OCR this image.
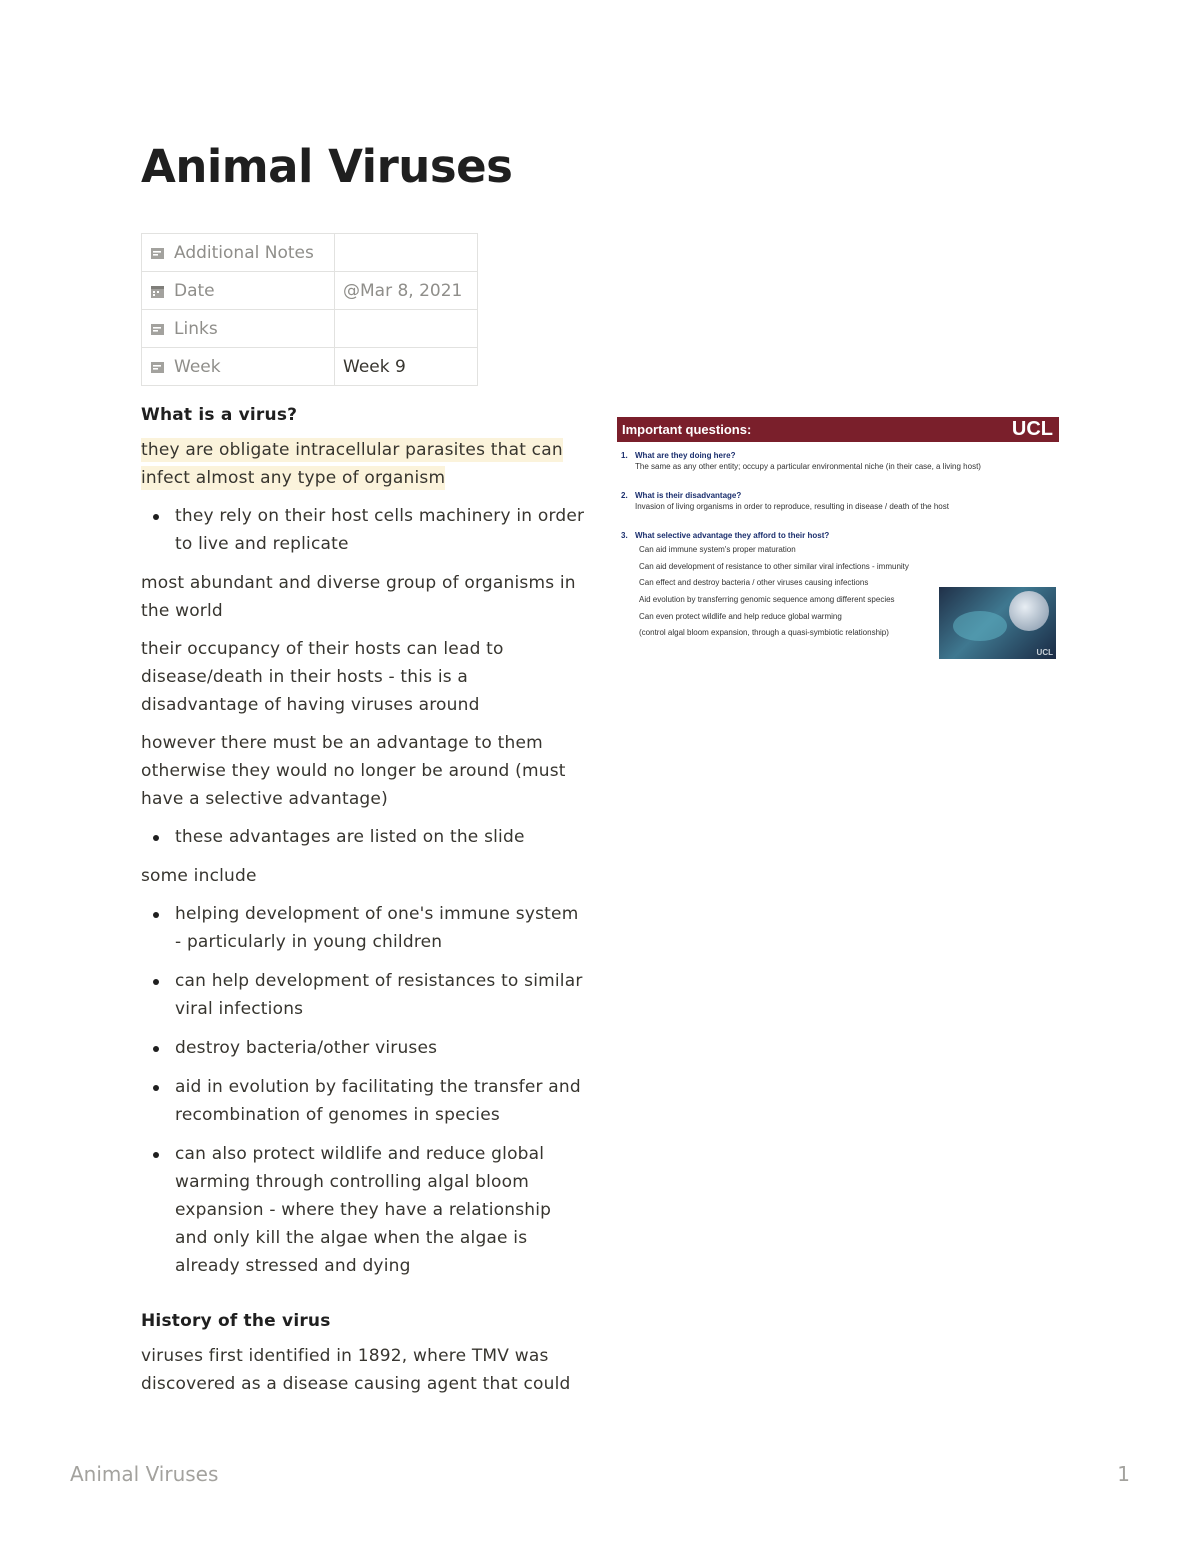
Animal Viruses
Additional Notes	
Date	@Mar 8, 2021
Links	
Week	Week 9
What is a virus?

they are obligate intracellular parasites that can infect almost any type of organism

they rely on their host cells machinery in order to live and replicate

most abundant and diverse group of organisms in the world

their occupancy of their hosts can lead to disease/death in their hosts - this is a disadvantage of having viruses around

however there must be an advantage to them otherwise they would no longer be around (must have a selective advantage)

these advantages are listed on the slide

some include

helping development of one's immune system - particularly in young children
can help development of resistances to similar viral infections
destroy bacteria/other viruses
aid in evolution by facilitating the transfer and recombination of genomes in species
can also protect wildlife and reduce global warming through controlling algal bloom expansion - where they have a relationship and only kill the algae when the algae is already stressed and dying
History of the virus

viruses first identified in 1892, where TMV was discovered as a disease causing agent that could

Important questions:	UCL
1. What are they doing here?
The same as any other entity; occupy a particular environmental niche (in their case, a living host)
2. What is their disadvantage?
Invasion of living organisms in order to reproduce, resulting in disease / death of the host
3. What selective advantage they afford to their host?
Can aid immune system's proper maturation
Can aid development of resistance to other similar viral infections - immunity
Can effect and destroy bacteria / other viruses causing infections
Aid evolution by transferring genomic sequence among different species
Can even protect wildlife and help reduce global warming
(control algal bloom expansion, through a quasi-symbiotic relationship)
UCL
Animal Viruses	1
